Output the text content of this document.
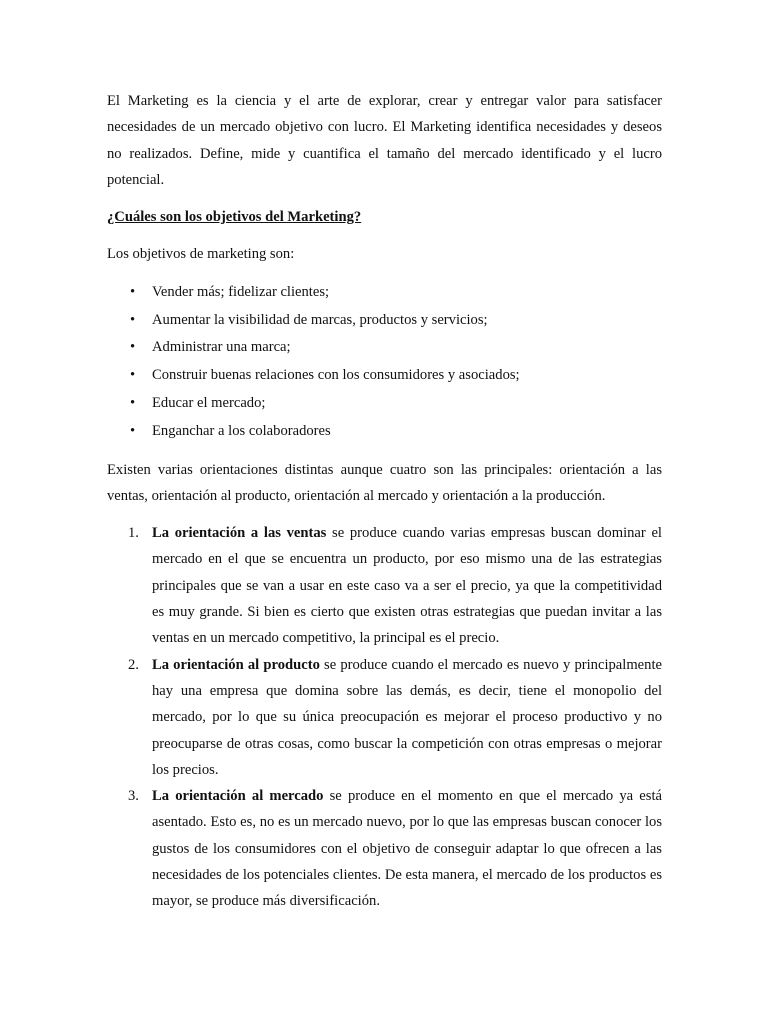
El Marketing es la ciencia y el arte de explorar, crear y entregar valor para satisfacer necesidades de un mercado objetivo con lucro. El Marketing identifica necesidades y deseos no realizados. Define, mide y cuantifica el tamaño del mercado identificado y el lucro potencial.

¿Cuáles son los objetivos del Marketing?

Los objetivos de marketing son:

• Vender más; fidelizar clientes;
• Aumentar la visibilidad de marcas, productos y servicios;
• Administrar una marca;
• Construir buenas relaciones con los consumidores y asociados;
• Educar el mercado;
• Enganchar a los colaboradores

Existen varias orientaciones distintas aunque cuatro son las principales: orientación a las ventas, orientación al producto, orientación al mercado y orientación a la producción.

1. La orientación a las ventas se produce cuando varias empresas buscan dominar el mercado en el que se encuentra un producto, por eso mismo una de las estrategias principales que se van a usar en este caso va a ser el precio, ya que la competitividad es muy grande. Si bien es cierto que existen otras estrategias que puedan invitar a las ventas en un mercado competitivo, la principal es el precio.
2. La orientación al producto se produce cuando el mercado es nuevo y principalmente hay una empresa que domina sobre las demás, es decir, tiene el monopolio del mercado, por lo que su única preocupación es mejorar el proceso productivo y no preocuparse de otras cosas, como buscar la competición con otras empresas o mejorar los precios.
3. La orientación al mercado se produce en el momento en que el mercado ya está asentado. Esto es, no es un mercado nuevo, por lo que las empresas buscan conocer los gustos de los consumidores con el objetivo de conseguir adaptar lo que ofrecen a las necesidades de los potenciales clientes. De esta manera, el mercado de los productos es mayor, se produce más diversificación.
